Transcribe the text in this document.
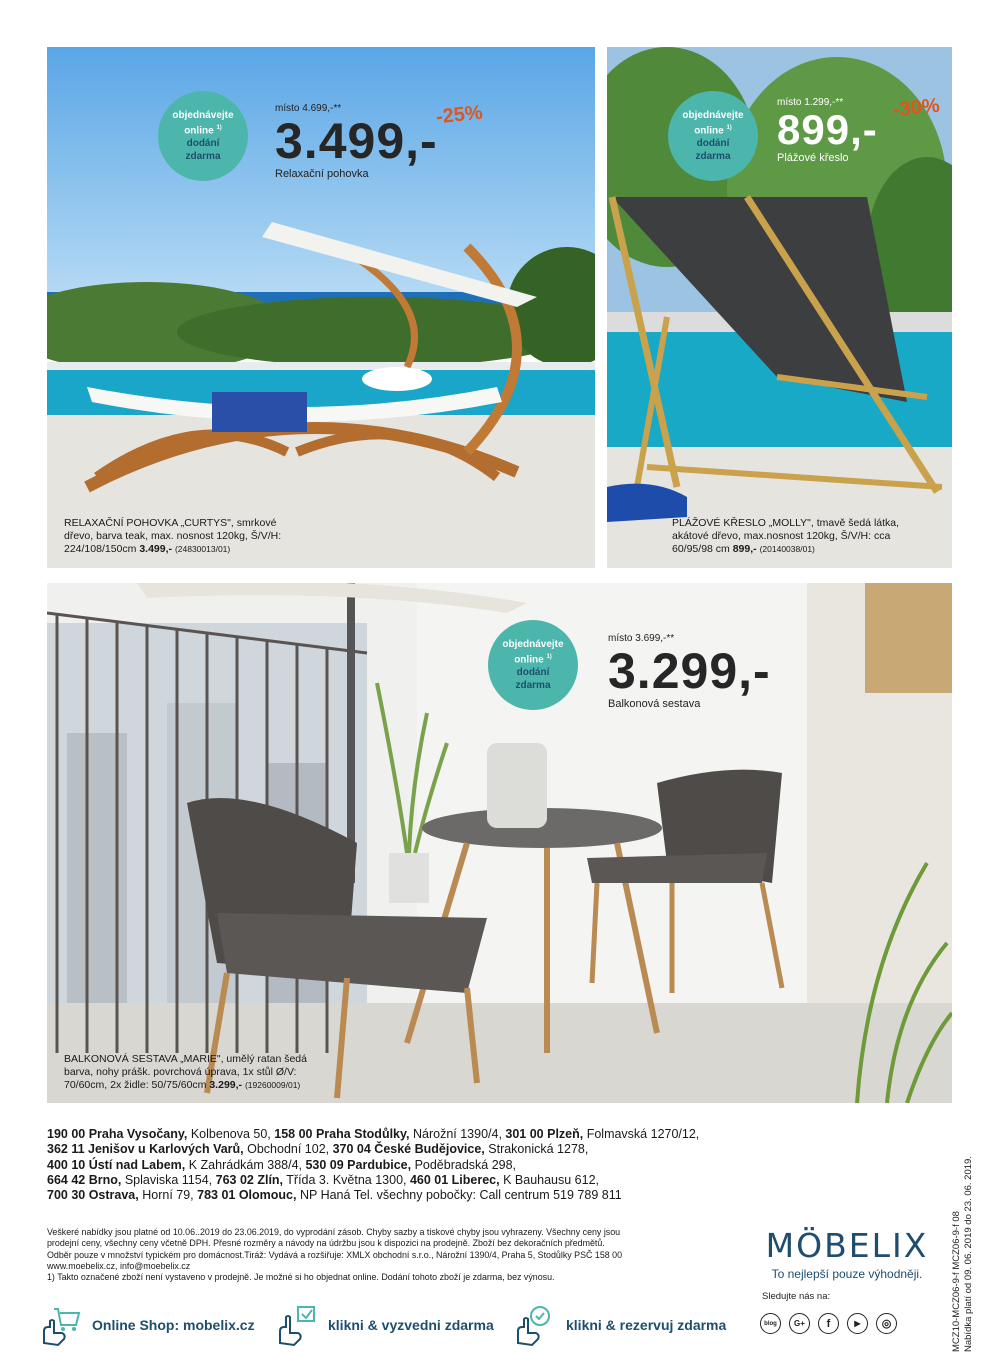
objednávejte
online $^{1)}$
dodání
zdarma
místo 4.699,-**
3.499,-
Relaxační pohovka
-25%
RELAXAČNÍ POHOVKA „CURTYS", smrkové dřevo, barva teak, max. nosnost 120kg, Š/V/H: 224/108/150cm 3.499,- (24830013/01)
objednávejte
online $^{1)}$
dodání
zdarma
místo 1.299,-**
899,-
Plážové křeslo
-30%
PLÁŽOVÉ KŘESLO „MOLLY", tmavě šedá látka, akátové dřevo, max.nosnost 120kg, Š/V/H: cca 60/95/98 cm 899,- (20140038/01)
objednávejte
online $^{1)}$
dodání
zdarma
místo 3.699,-**
3.299,-
Balkonová sestava
BALKONOVÁ SESTAVA „MARIE", umělý ratan šedá barva, nohy prášk. povrchová úprava, 1x stůl Ø/V: 70/60cm, 2x židle: 50/75/60cm 3.299,- (19260009/01)
190 00 Praha Vysočany, Kolbenova 50, 158 00 Praha Stodůlky, Nárožní 1390/4, 301 00 Plzeň, Folmavská 1270/12,
362 11 Jenišov u Karlových Varů, Obchodní 102, 370 04 České Budějovice, Strakonická 1278,
400 10 Ústí nad Labem, K Zahrádkám 388/4, 530 09 Pardubice, Poděbradská 298,
664 42 Brno, Splaviska 1154, 763 02 Zlín, Třída 3. Května 1300, 460 01 Liberec, K Bauhausu 612,
700 30 Ostrava, Horní 79, 783 01 Olomouc, NP Haná Tel. všechny pobočky: Call centrum 519 789 811
Veškeré nabídky jsou platné od 10.06..2019 do 23.06.2019, do vyprodání zásob. Chyby sazby a tiskové chyby jsou vyhrazeny. Všechny ceny jsou
prodejní ceny, všechny ceny včetně DPH. Přesné rozměry a návody na údržbu jsou k dispozici na prodejně. Zboží bez dekoračních předmětů.
Odběr pouze v množství typickém pro domácnost.Tiráž: Vydává a rozšiřuje: XMLX obchodní s.r.o., Nárožní 1390/4, Praha 5, Stodůlky PSČ 158 00
www.moebelix.cz, info@moebelix.cz
1) Takto označené zboží není vystaveno v prodejně. Je možné si ho objednat online. Dodání tohoto zboží je zdarma, bez výnosu.
MÖBELIX
To nejlepší pouze výhodněji.
Sledujte nás na:
blog	G+	f	▶	◎	MCZ10-MCZ06-9-f MCZ06-9-f 08 Nabídka platí od 09. 06. 2019 do 23. 06. 2019.
Online Shop: mobelix.cz	klikni & vyzvedni zdarma	klikni & rezervuj zdarma
